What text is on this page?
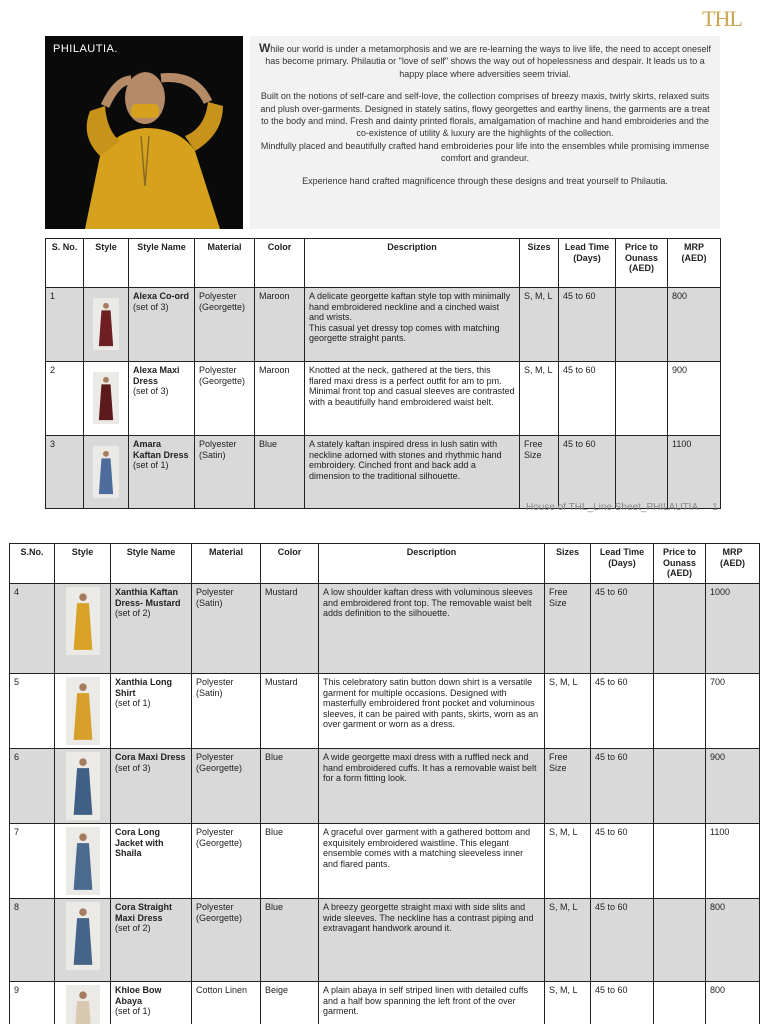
THL
PHILAUTIA.	While our world is under a metamorphosis and we are re-learning the ways to live life, the need to accept oneself has become primary. Philautia or "love of self" shows the way out of hopelessness and despair. It leads us to a happy place where adversities seem trivial.

Built on the notions of self-care and self-love, the collection comprises of breezy maxis, twirly skirts, relaxed suits and plush over-garments. Designed in stately satins, flowy georgettes and earthy linens, the garments are a treat to the body and mind. Fresh and dainty printed florals, amalgamation of machine and hand embroideries and the co-existence of utility & luxury are the highlights of the collection.

Mindfully placed and beautifully crafted hand embroideries pour life into the ensembles while promising immense comfort and grandeur.

Experience hand crafted magnificence through these designs and treat yourself to Philautia.

S. No.	Style	Style Name	Material	Color	Description	Sizes	Lead Time (Days)	Price to Ounass (AED)	MRP (AED)
1		Alexa Co-ord
(set of 3)	Polyester (Georgette)	Maroon	A delicate georgette kaftan style top with minimally hand embroidered neckline and a cinched waist and wrists.
This casual yet dressy top comes with matching georgette straight pants.	S, M, L	45 to 60		800
2		Alexa Maxi Dress
(set of 3)	Polyester (Georgette)	Maroon	Knotted at the neck, gathered at the tiers, this flared maxi dress is a perfect outfit for am to pm. Minimal front top and casual sleeves are contrasted with a beautifully hand embroidered waist belt.	S, M, L	45 to 60		900
3		Amara Kaftan Dress
(set of 1)	Polyester (Satin)	Blue	A stately kaftan inspired dress in lush satin with neckline adorned with stones and rhythmic hand embroidery. Cinched front and back add a dimension to the traditional silhouette.	Free Size	45 to 60		1100
House of THL_Line Sheet_PHILAUTIA 1
S.No.	Style	Style Name	Material	Color	Description	Sizes	Lead Time (Days)	Price to Ounass (AED)	MRP (AED)
4		Xanthia Kaftan Dress- Mustard
(set of 2)	Polyester (Satin)	Mustard	A low shoulder kaftan dress with voluminous sleeves and embroidered front top. The removable waist belt adds definition to the silhouette.	Free Size	45 to 60		1000
5		Xanthia Long Shirt
(set of 1)	Polyester (Satin)	Mustard	This celebratory satin button down shirt is a versatile garment for multiple occasions. Designed with masterfully embroidered front pocket and voluminous sleeves, it can be paired with pants, skirts, worn as an over garment or worn as a dress.	S, M, L	45 to 60		700
6		Cora Maxi Dress
(set of 3)	Polyester (Georgette)	Blue	A wide georgette maxi dress with a ruffled neck and hand embroidered cuffs. It has a removable waist belt for a form fitting look.	Free Size	45 to 60		900
7		Cora Long Jacket with Shaila	Polyester (Georgette)	Blue	A graceful over garment with a gathered bottom and exquisitely embroidered waistline. This elegant ensemble comes with a matching sleeveless inner and flared pants.	S, M, L	45 to 60		1100
8		Cora Straight Maxi Dress
(set of 2)	Polyester (Georgette)	Blue	A breezy georgette straight maxi with side slits and wide sleeves. The neckline has a contrast piping and extravagant handwork around it.	S, M, L	45 to 60		800
9		Khloe Bow Abaya
(set of 1)	Cotton Linen	Beige	A plain abaya in self striped linen with detailed cuffs and a half bow spanning the left front of the over garment.	S, M, L	45 to 60		800
